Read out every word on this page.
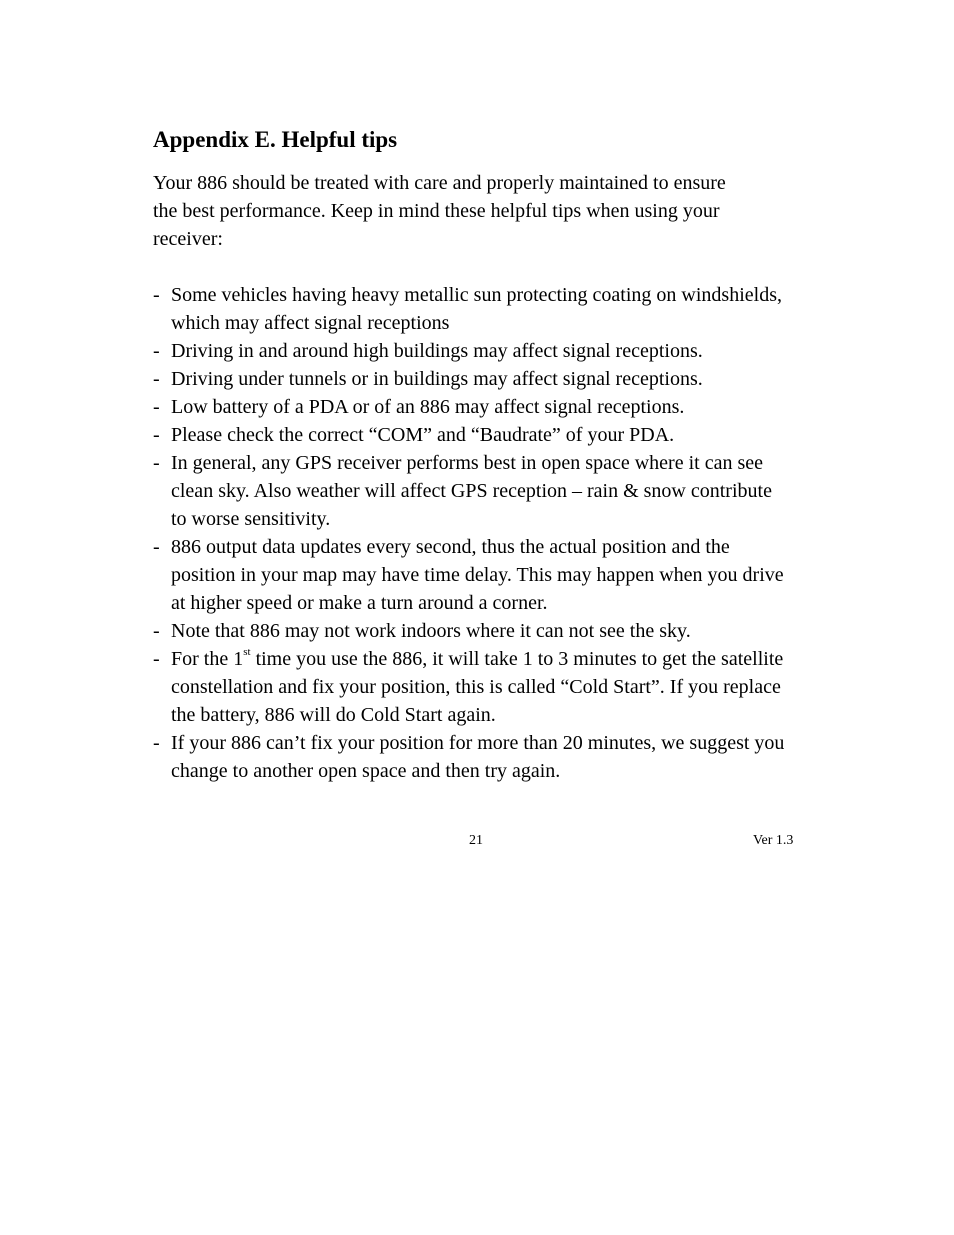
Appendix E. Helpful tips
Your 886 should be treated with care and properly maintained to ensure
the best performance. Keep in mind these helpful tips when using your
receiver:
- Some vehicles having heavy metallic sun protecting coating on windshields,
which may affect signal receptions
- Driving in and around high buildings may affect signal receptions.
- Driving under tunnels or in buildings may affect signal receptions.
- Low battery of a PDA or of an 886 may affect signal receptions.
- Please check the correct “COM” and “Baudrate” of your PDA.
- In general, any GPS receiver performs best in open space where it can see
clean sky. Also weather will affect GPS reception – rain & snow contribute
to worse sensitivity.
- 886 output data updates every second, thus the actual position and the
position in your map may have time delay. This may happen when you drive
at higher speed or make a turn around a corner.
- Note that 886 may not work indoors where it can not see the sky.
- For the 1st time you use the 886, it will take 1 to 3 minutes to get the satellite
constellation and fix your position, this is called “Cold Start”. If you replace
the battery, 886 will do Cold Start again.
- If your 886 can’t fix your position for more than 20 minutes, we suggest you
change to another open space and then try again.
21	Ver 1.3
